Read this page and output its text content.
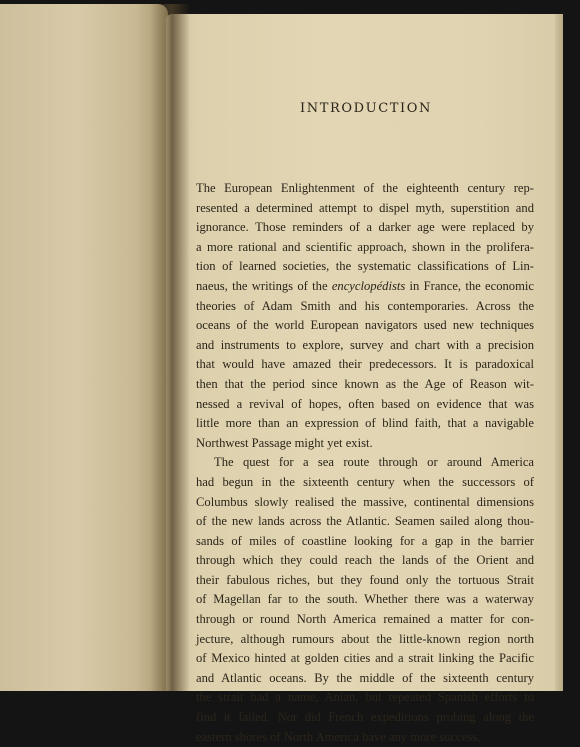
INTRODUCTION
The European Enlightenment of the eighteenth century rep-
resented a determined attempt to dispel myth, superstition and
ignorance. Those reminders of a darker age were replaced by
a more rational and scientific approach, shown in the prolifera-
tion of learned societies, the systematic classifications of Lin-
naeus, the writings of the encyclopédists in France, the economic
theories of Adam Smith and his contemporaries. Across the
oceans of the world European navigators used new techniques
and instruments to explore, survey and chart with a precision
that would have amazed their predecessors. It is paradoxical
then that the period since known as the Age of Reason wit-
nessed a revival of hopes, often based on evidence that was
little more than an expression of blind faith, that a navigable
Northwest Passage might yet exist.
The quest for a sea route through or around America
had begun in the sixteenth century when the successors of
Columbus slowly realised the massive, continental dimensions
of the new lands across the Atlantic. Seamen sailed along thou-
sands of miles of coastline looking for a gap in the barrier
through which they could reach the lands of the Orient and
their fabulous riches, but they found only the tortuous Strait
of Magellan far to the south. Whether there was a waterway
through or round North America remained a matter for con-
jecture, although rumours about the little-known region north
of Mexico hinted at golden cities and a strait linking the Pacific
and Atlantic oceans. By the middle of the sixteenth century
the strait had a name, Anian, but repeated Spanish efforts to
find it failed. Nor did French expeditions probing along the
eastern shores of North America have any more success,
